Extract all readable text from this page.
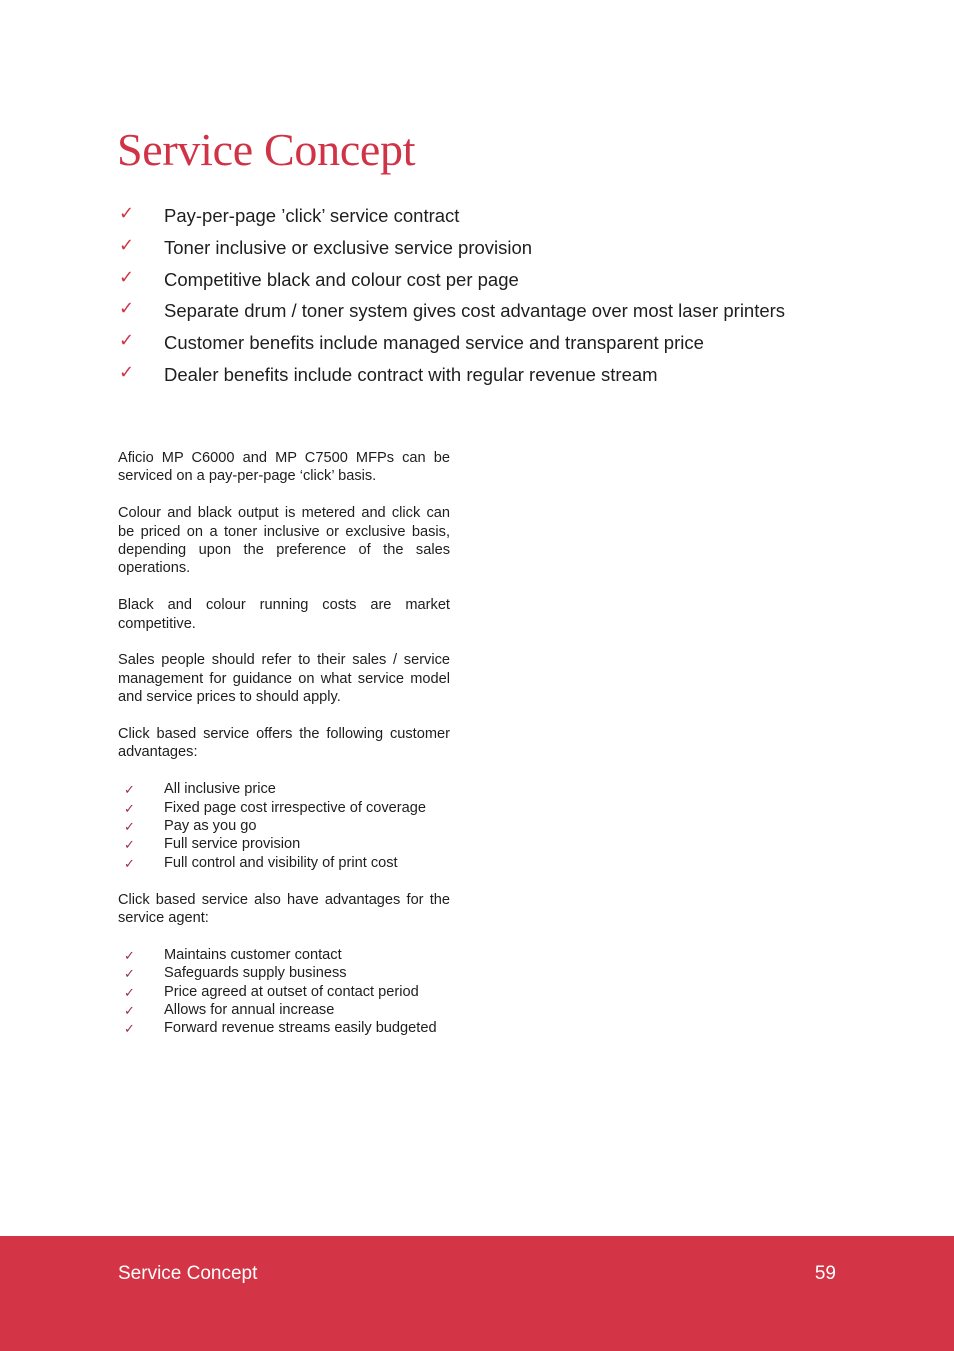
Service Concept
✓ Pay-per-page ’click’ service contract
✓ Toner inclusive or exclusive service provision
✓ Competitive black and colour cost per page
✓ Separate drum / toner system gives cost advantage over most laser printers
✓ Customer benefits include managed service and transparent price
✓ Dealer benefits include contract with regular revenue stream

Aficio MP C6000 and MP C7500 MFPs can be serviced on a pay-per-page ‘click’ basis.

Colour and black output is metered and click can be priced on a toner inclusive or exclusive basis, depending upon the preference of the sales operations.

Black and colour running costs are market competitive.

Sales people should refer to their sales / service management for guidance on what service model and service prices to should apply.

Click based service offers the following customer advantages:

✓ All inclusive price
✓ Fixed page cost irrespective of coverage
✓ Pay as you go
✓ Full service provision
✓ Full control and visibility of print cost

Click based service also have advantages for the service agent:

✓ Maintains customer contact
✓ Safeguards supply business
✓ Price agreed at outset of contact period
✓ Allows for annual increase
✓ Forward revenue streams easily budgeted
Service Concept	59
